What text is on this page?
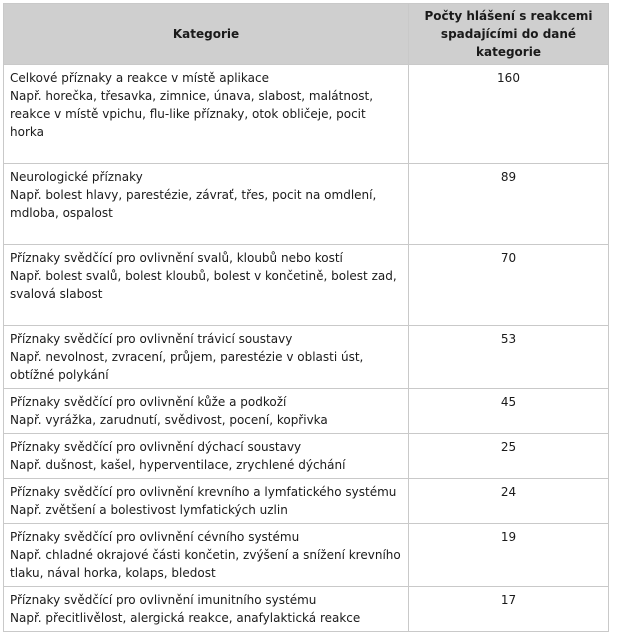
Kategorie	Počty hlášení s reakcemi spadajícími do dané kategorie

Celkové příznaky a reakce v místě aplikace
Např. horečka, třesavka, zimnice, únava, slabost, malátnost, reakce v místě vpichu, flu-like příznaky, otok obličeje, pocit horka	160

Neurologické příznaky
Např. bolest hlavy, parestézie, závrať, třes, pocit na omdlení, mdloba, ospalost	89

Příznaky svědčící pro ovlivnění svalů, kloubů nebo kostí
Např. bolest svalů, bolest kloubů, bolest v končetině, bolest zad, svalová slabost	70

Příznaky svědčící pro ovlivnění trávicí soustavy
Např. nevolnost, zvracení, průjem, parestézie v oblasti úst, obtížné polykání	53

Příznaky svědčící pro ovlivnění kůže a podkoží
Např. vyrážka, zarudnutí, svědivost, pocení, kopřivka	45

Příznaky svědčící pro ovlivnění dýchací soustavy
Např. dušnost, kašel, hyperventilace, zrychlené dýchání	25

Příznaky svědčící pro ovlivnění krevního a lymfatického systému
Např. zvětšení a bolestivost lymfatických uzlin	24

Příznaky svědčící pro ovlivnění cévního systému
Např. chladné okrajové části končetin, zvýšení a snížení krevního tlaku, nával horka, kolaps, bledost	19

Příznaky svědčící pro ovlivnění imunitního systému
Např. přecitlivělost, alergická reakce, anafylaktická reakce	17
